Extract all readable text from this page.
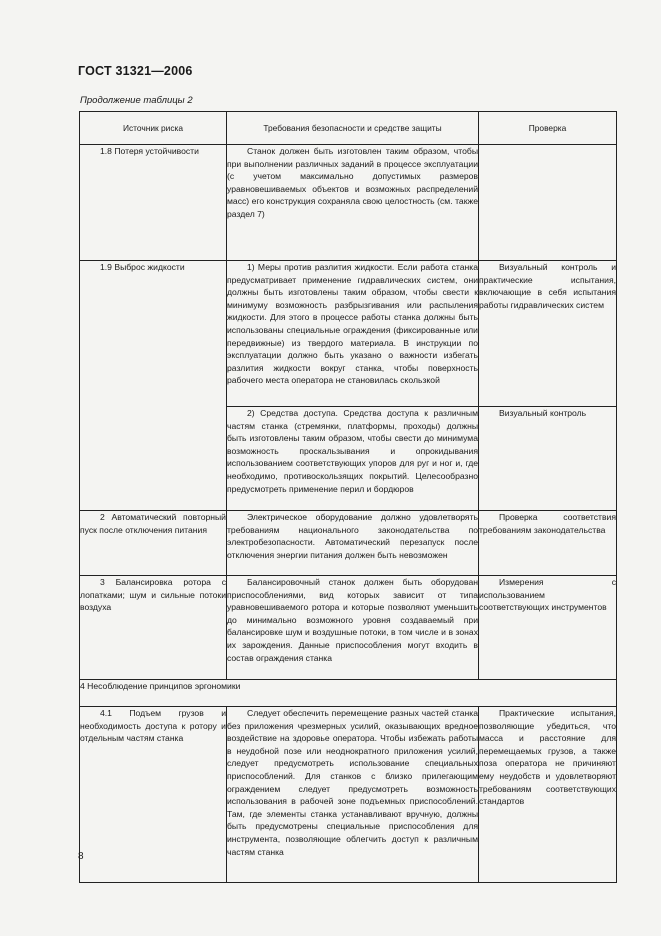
ГОСТ 31321—2006
Продолжение таблицы 2
Источник риска	Требования безопасности и средстве защиты	Проверка
1.8 Потеря устойчивости	Станок должен быть изготовлен таким образом, чтобы при выполнении различных заданий в процессе эксплуатации (с учетом максимально допустимых размеров уравновешиваемых объектов и возможных распределений масс) его конструкция сохраняла свою целостность (см. также раздел 7)	
1.9 Выброс жидкости	1) Меры против разлития жидкости. Если работа станка предусматривает применение гидравлических систем, они должны быть изготовлены таким образом, чтобы свести к минимуму возможность разбрызгивания или распыления жидкости. Для этого в процессе работы станка должны быть использованы специальные ограждения (фиксированные или передвижные) из твердого материала. В инструкции по эксплуатации должно быть указано о важности избегать разлития жидкости вокруг станка, чтобы поверхность рабочего места оператора не становилась скользкой	Визуальный контроль и практические испытания, включающие в себя испытания работы гидравлических систем
	2) Средства доступа. Средства доступа к различным частям станка (стремянки, платформы, проходы) должны быть изготовлены таким образом, чтобы свести до минимума возможность проскальзывания и опрокидывания использованием соответствующих упоров для руг и ног и, где необходимо, противоскользящих покрытий. Целесообразно предусмотреть применение перил и бордюров	Визуальный контроль
2 Автоматический повторный пуск после отключения питания	Электрическое оборудование должно удовлетворять требованиям национального законодательства по электробезопасности. Автоматический перезапуск после отключения энергии питания должен быть невозможен	Проверка соответствия требованиям законодательства
3 Балансировка ротора с лопатками; шум и сильные потоки воздуха	Балансировочный станок должен быть оборудован приспособлениями, вид которых зависит от типа уравновешиваемого ротора и которые позволяют уменьшить до минимально возможного уровня создаваемый при балансировке шум и воздушные потоки, в том числе и в зонах их зарождения. Данные приспособления могут входить в состав ограждения станка	Измерения с использованием соответствующих инструментов
4 Несоблюдение принципов эргономики		
4.1 Подъем грузов и необходимость доступа к ротору и отдельным частям станка	Следует обеспечить перемещение разных частей станка без приложения чрезмерных усилий, оказывающих вредное воздействие на здоровье оператора. Чтобы избежать работы в неудобной позе или неоднократного приложения усилий, следует предусмотреть использование специальных приспособлений. Для станков с близко прилегающим ограждением следует предусмотреть возможность использования в рабочей зоне подъемных приспособлений. Там, где элементы станка устанавливают вручную, должны быть предусмотрены специальные приспособления для инструмента, позволяющие облегчить доступ к различным частям станка	Практические испытания, позволяющие убедиться, что масса и расстояние для перемещаемых грузов, а также поза оператора не причиняют ему неудобств и удовлетворяют требованиям соответствующих стандартов
8
